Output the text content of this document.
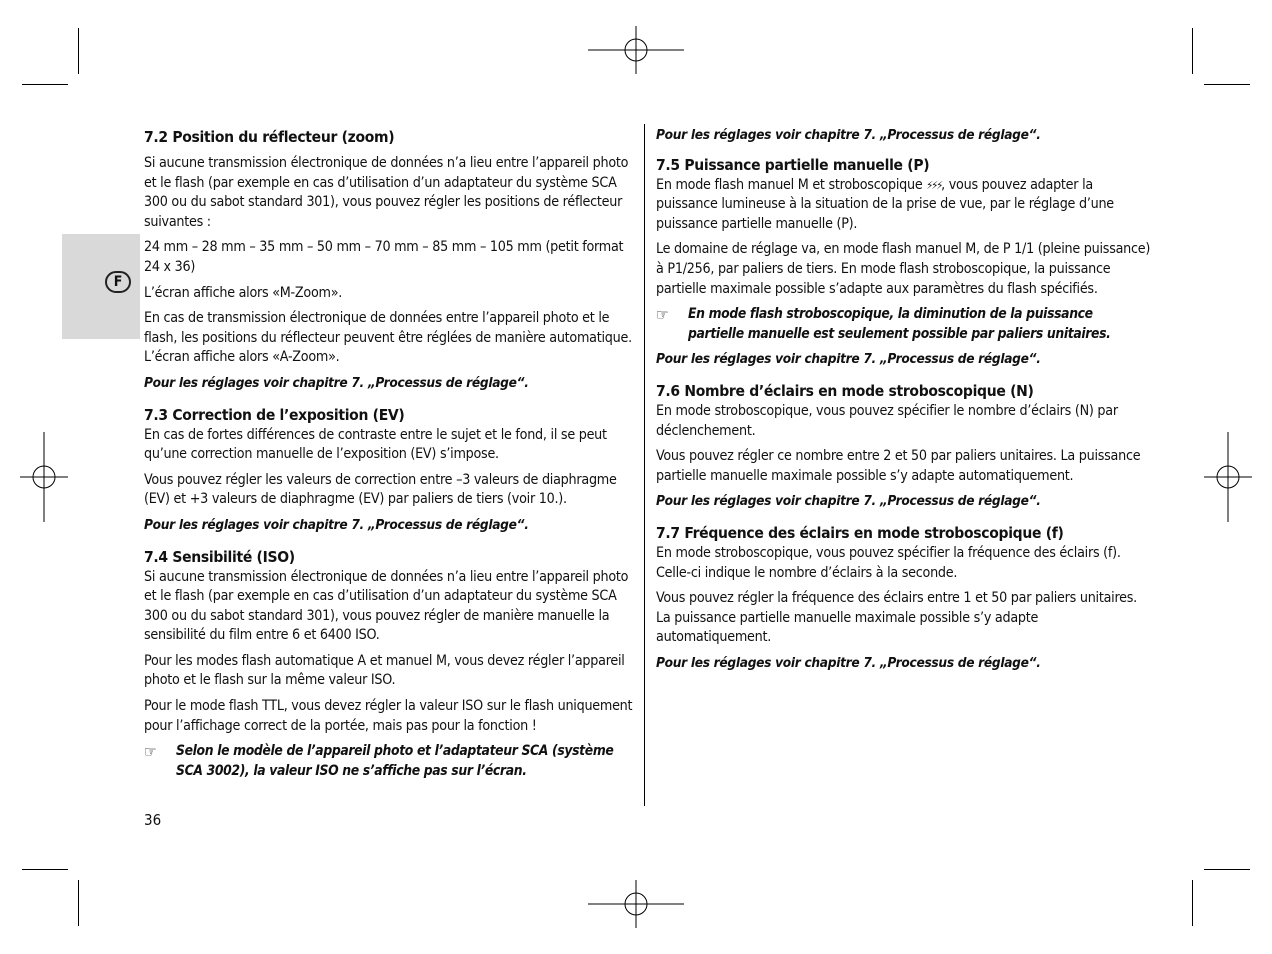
F
7.2 Position du réflecteur (zoom)

Si aucune transmission électronique de données n’a lieu entre l’appareil photo et le flash (par exemple en cas d’utilisation d’un adaptateur du système SCA 300 ou du sabot standard 301), vous pouvez régler les positions de réflecteur suivantes :

24 mm – 28 mm – 35 mm – 50 mm – 70 mm – 85 mm – 105 mm (petit format 24 x 36)

L’écran affiche alors «M-Zoom».

En cas de transmission électronique de données entre l’appareil photo et le flash, les positions du réflecteur peuvent être réglées de manière automatique. L’écran affiche alors «A-Zoom».

Pour les réglages voir chapitre 7. „Processus de réglage“.

7.3 Correction de l’exposition (EV)

En cas de fortes différences de contraste entre le sujet et le fond, il se peut qu’une correction manuelle de l’exposition (EV) s’impose.

Vous pouvez régler les valeurs de correction entre –3 valeurs de diaphragme (EV) et +3 valeurs de diaphragme (EV) par paliers de tiers (voir 10.).

Pour les réglages voir chapitre 7. „Processus de réglage“.

7.4 Sensibilité (ISO)

Si aucune transmission électronique de données n’a lieu entre l’appareil photo et le flash (par exemple en cas d’utilisation d’un adaptateur du système SCA 300 ou du sabot standard 301), vous pouvez régler de manière manuelle la sensibilité du film entre 6 et 6400 ISO.

Pour les modes flash automatique A et manuel M, vous devez régler l’appareil photo et le flash sur la même valeur ISO.

Pour le mode flash TTL, vous devez régler la valeur ISO sur le flash uniquement pour l’affichage correct de la portée, mais pas pour la fonction !

☞ Selon le modèle de l’appareil photo et l’adaptateur SCA (système SCA 3002), la valeur ISO ne s’affiche pas sur l’écran.

Pour les réglages voir chapitre 7. „Processus de réglage“.

7.5 Puissance partielle manuelle (P)

En mode flash manuel M et stroboscopique ⚡⚡⚡, vous pouvez adapter la puissance lumineuse à la situation de la prise de vue, par le réglage d’une puissance partielle manuelle (P).

Le domaine de réglage va, en mode flash manuel M, de P 1/1 (pleine puissance) à P1/256, par paliers de tiers. En mode flash stroboscopique, la puissance partielle maximale possible s’adapte aux paramètres du flash spécifiés.

☞ En mode flash stroboscopique, la diminution de la puissance partielle manuelle est seulement possible par paliers unitaires.

Pour les réglages voir chapitre 7. „Processus de réglage“.

7.6 Nombre d’éclairs en mode stroboscopique (N)

En mode stroboscopique, vous pouvez spécifier le nombre d’éclairs (N) par déclenchement.

Vous pouvez régler ce nombre entre 2 et 50 par paliers unitaires. La puissance partielle manuelle maximale possible s’y adapte automatiquement.

Pour les réglages voir chapitre 7. „Processus de réglage“.

7.7 Fréquence des éclairs en mode stroboscopique (f)

En mode stroboscopique, vous pouvez spécifier la fréquence des éclairs (f). Celle-ci indique le nombre d’éclairs à la seconde.

Vous pouvez régler la fréquence des éclairs entre 1 et 50 par paliers unitaires. La puissance partielle manuelle maximale possible s’y adapte automatiquement.

Pour les réglages voir chapitre 7. „Processus de réglage“.

36
